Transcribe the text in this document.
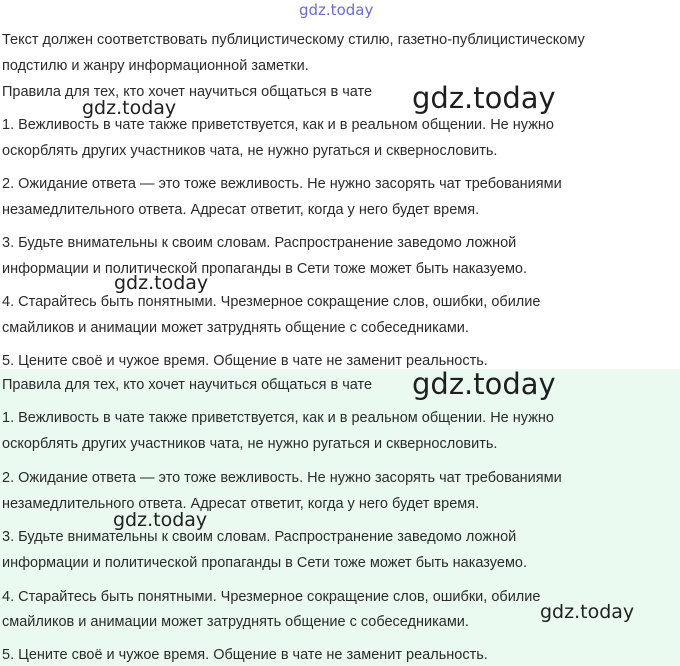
gdz.today
gdz.today
gdz.today
gdz.today
gdz.today
gdz.today
gdz.today
Текст должен соответствовать публицистическому стилю, газетно-публицистическому
подстилю и жанру информационной заметки.
Правила для тех, кто хочет научиться общаться в чате
1. Вежливость в чате также приветствуется, как и в реальном общении. Не нужно
оскорблять других участников чата, не нужно ругаться и сквернословить.
2. Ожидание ответа — это тоже вежливость. Не нужно засорять чат требованиями
незамедлительного ответа. Адресат ответит, когда у него будет время.
3. Будьте внимательны к своим словам. Распространение заведомо ложной
информации и политической пропаганды в Сети тоже может быть наказуемо.
4. Старайтесь быть понятными. Чрезмерное сокращение слов, ошибки, обилие
смайликов и анимации может затруднять общение с собеседниками.
5. Цените своё и чужое время. Общение в чате не заменит реальность.
Правила для тех, кто хочет научиться общаться в чате
1. Вежливость в чате также приветствуется, как и в реальном общении. Не нужно
оскорблять других участников чата, не нужно ругаться и сквернословить.
2. Ожидание ответа — это тоже вежливость. Не нужно засорять чат требованиями
незамедлительного ответа. Адресат ответит, когда у него будет время.
3. Будьте внимательны к своим словам. Распространение заведомо ложной
информации и политической пропаганды в Сети тоже может быть наказуемо.
4. Старайтесь быть понятными. Чрезмерное сокращение слов, ошибки, обилие
смайликов и анимации может затруднять общение с собеседниками.
5. Цените своё и чужое время. Общение в чате не заменит реальность.
